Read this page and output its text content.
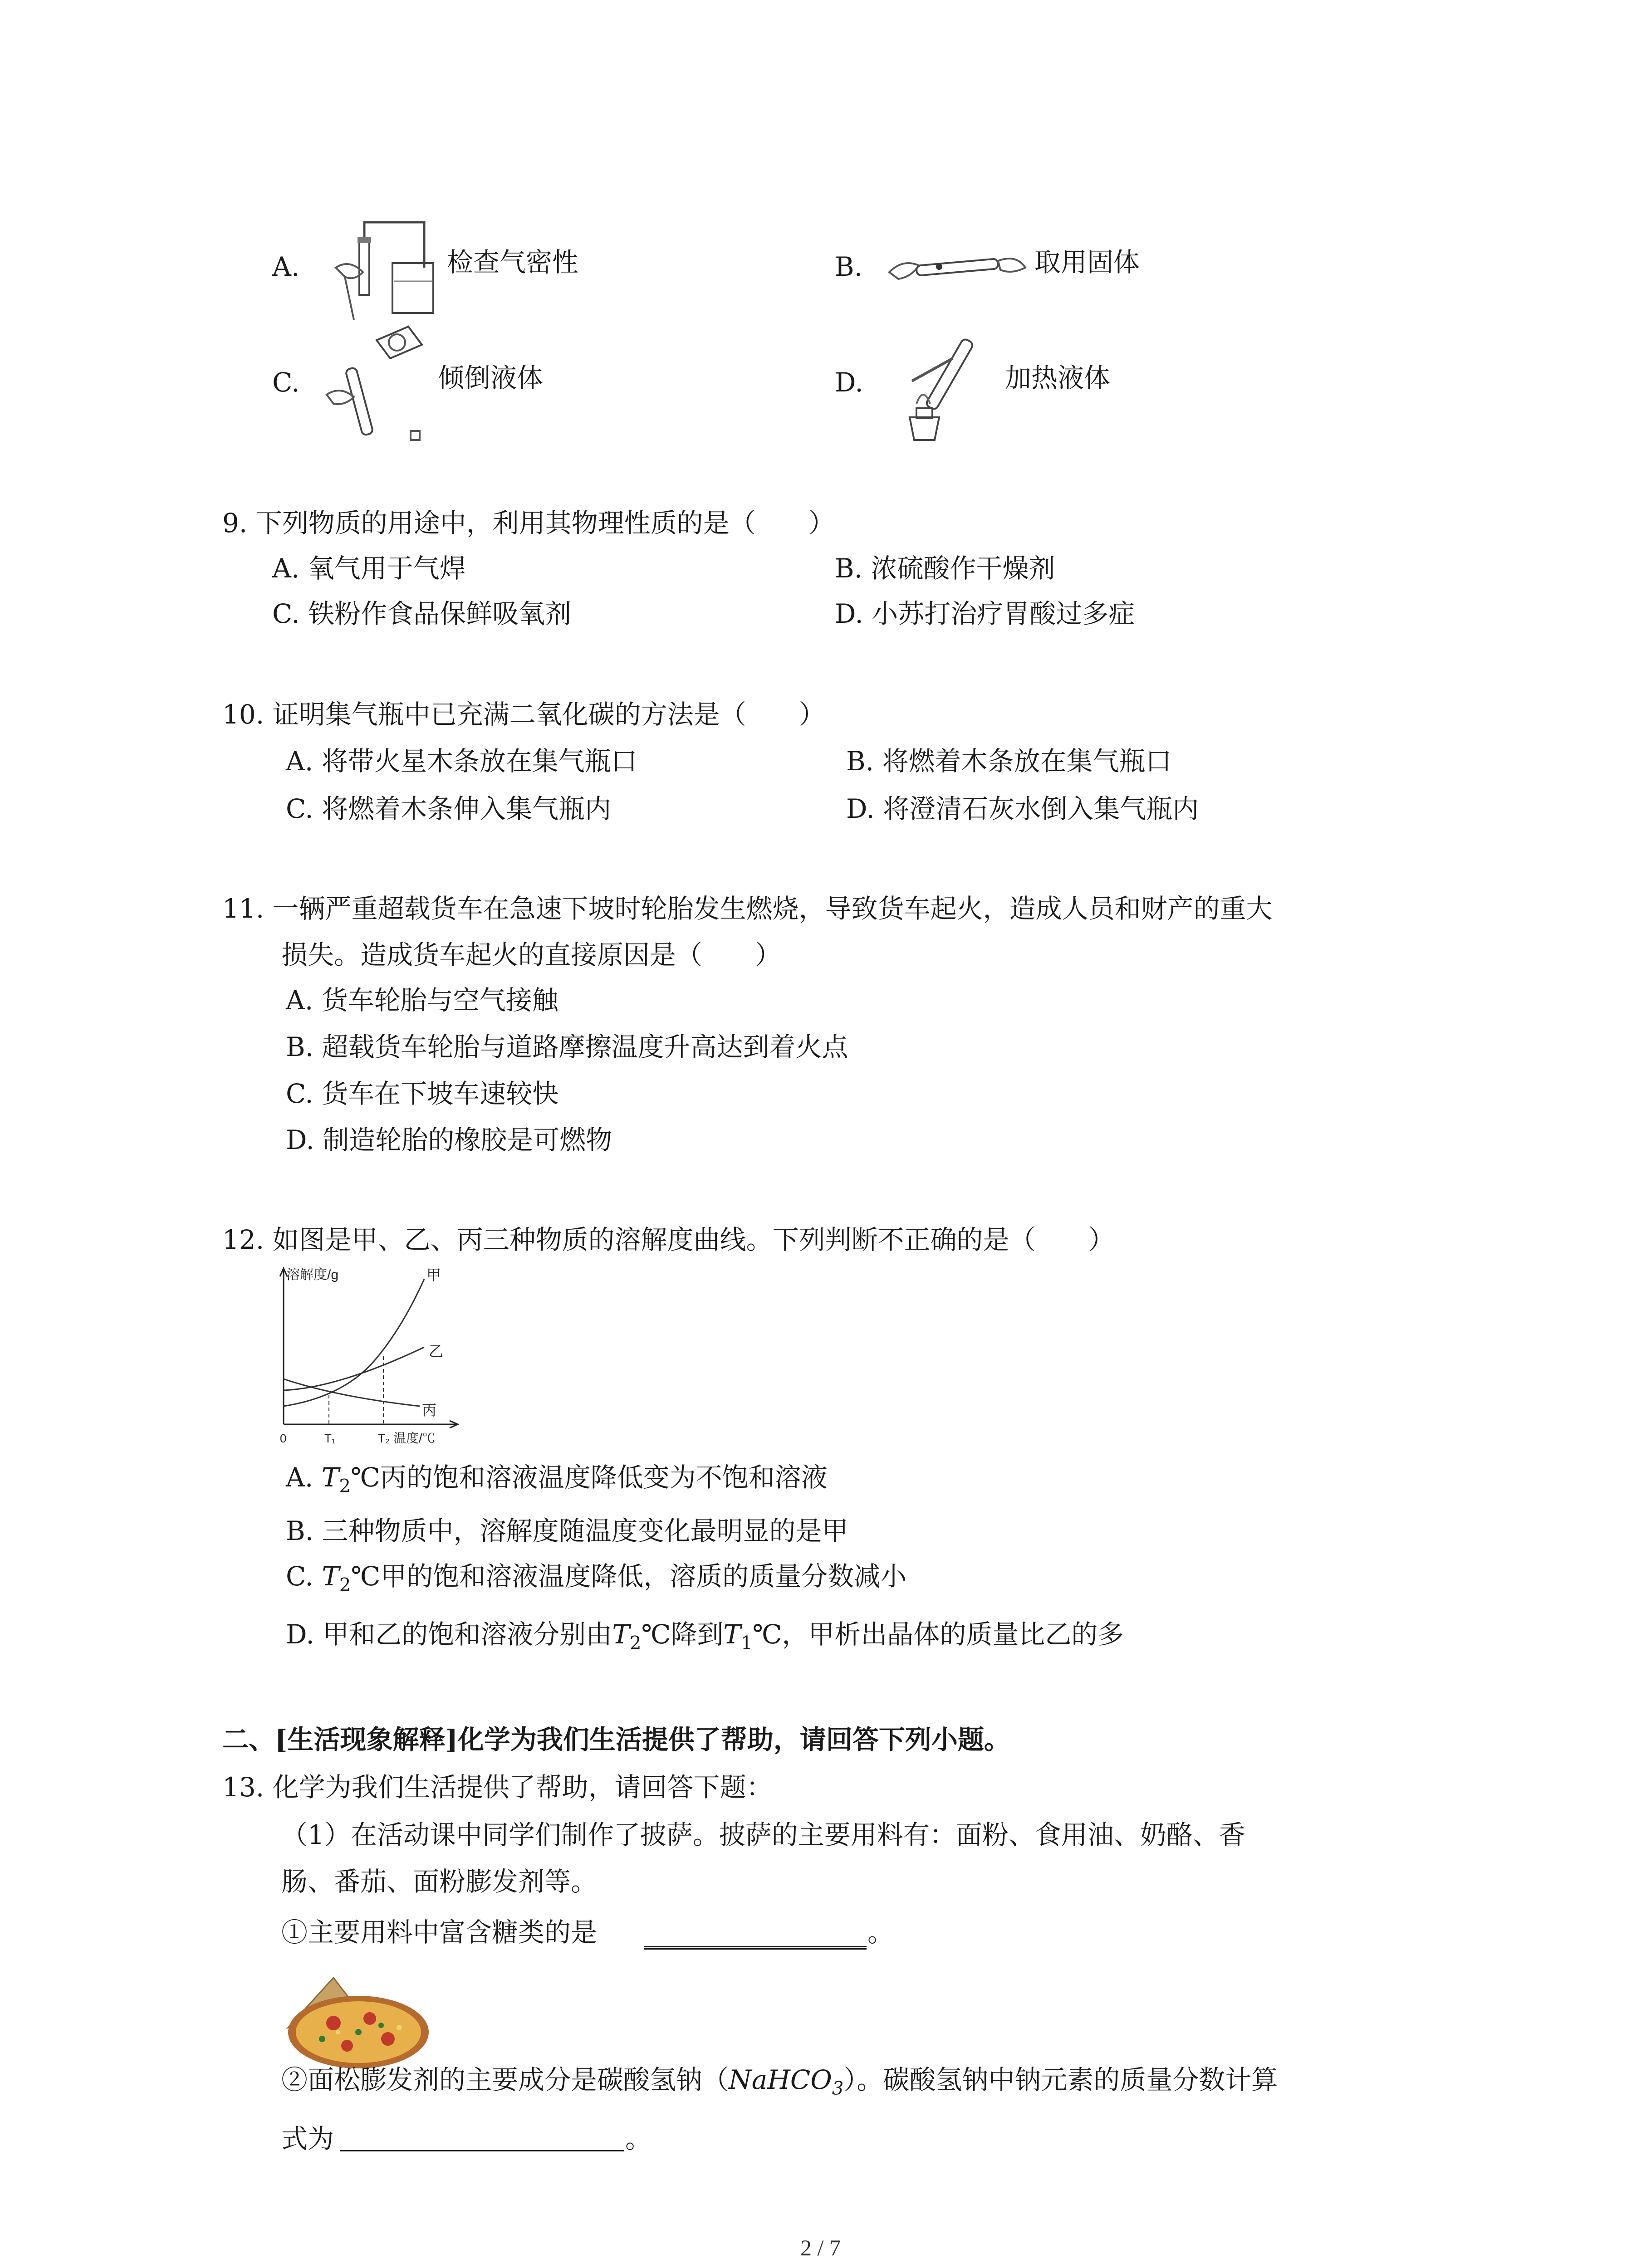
A.	检查气密性	B.	取用固体
C.	倾倒液体	D.	加热液体
9. 下列物质的用途中，利用其物理性质的是（　　）
A. 氧气用于气焊	B. 浓硫酸作干燥剂
C. 铁粉作食品保鲜吸氧剂	D. 小苏打治疗胃酸过多症
10. 证明集气瓶中已充满二氧化碳的方法是（　　）
A. 将带火星木条放在集气瓶口	B. 将燃着木条放在集气瓶口
C. 将燃着木条伸入集气瓶内	D. 将澄清石灰水倒入集气瓶内
11. 一辆严重超载货车在急速下坡时轮胎发生燃烧，导致货车起火，造成人员和财产的重大
损失。造成货车起火的直接原因是（　　）
A. 货车轮胎与空气接触
B. 超载货车轮胎与道路摩擦温度升高达到着火点
C. 货车在下坡车速较快
D. 制造轮胎的橡胶是可燃物
12. 如图是甲、乙、丙三种物质的溶解度曲线。下列判断不正确的是（　　）
溶解度/g	甲
乙
丙
0	T₁	T₂ 温度/℃
A. $T_2℃$丙的饱和溶液温度降低变为不饱和溶液
B. 三种物质中，溶解度随温度变化最明显的是甲
C. $T_2℃$甲的饱和溶液温度降低，溶质的质量分数减小
D. 甲和乙的饱和溶液分别由$T_2℃$降到$T_1℃$，甲析出晶体的质量比乙的多
二、[生活现象解释]化学为我们生活提供了帮助，请回答下列小题。
13. 化学为我们生活提供了帮助，请回答下题：
（1）在活动课中同学们制作了披萨。披萨的主要用料有：面粉、食用油、奶酪、香
肠、番茄、面粉膨发剂等。
①主要用料中富含糖类的是	。
②面松膨发剂的主要成分是碳酸氢钠（NaHCO$_3$）。碳酸氢钠中钠元素的质量分数计算
式为	。
2 / 7
